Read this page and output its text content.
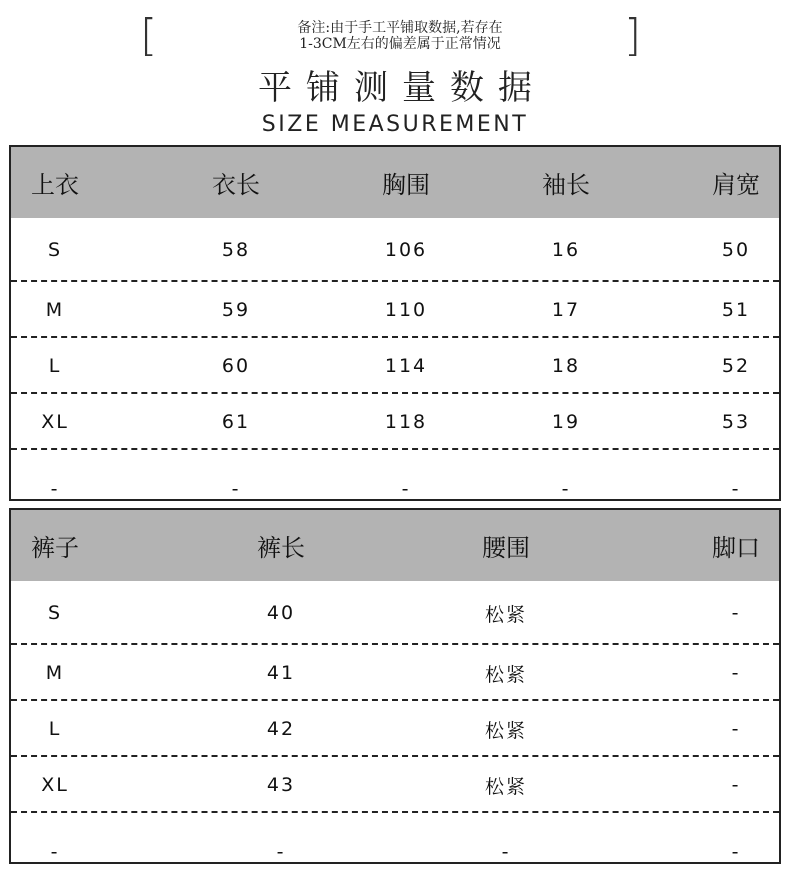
[	备注:由于手工平铺取数据,若存在
1-3CM左右的偏差属于正常情况	]
平铺测量数据
SIZE MEASUREMENT
上衣	衣长	胸围	袖长	肩宽
S	58	106	16	50
M	59	110	17	51
L	60	114	18	52
XL	61	118	19	53
-	-	-	-	-
裤子	裤长	腰围	脚口
S	40	松紧	-
M	41	松紧	-
L	42	松紧	-
XL	43	松紧	-
-	-	-	-
